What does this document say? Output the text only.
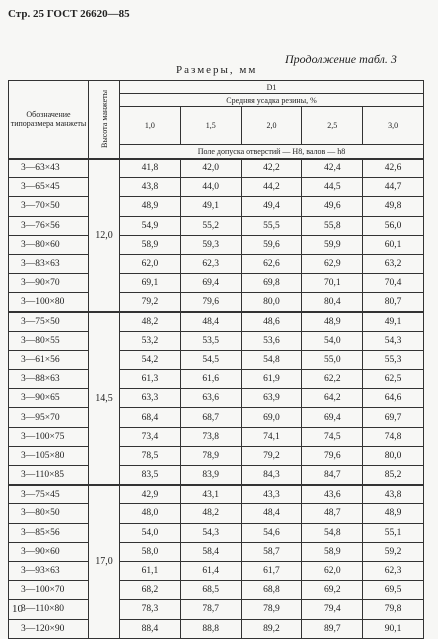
Стр. 25 ГОСТ 26620—85
Продолжение табл. 3
Размеры, мм
Обозначение типоразмера манжеты	Высота манжеты	D1				
		Средняя усадка резины, %				
		1,0	1,5	2,0	2,5	3,0
		Поле допуска отверстий — H8, валов — h8				
3—63×43	12,0	41,8	42,0	42,2	42,4	42,6
3—65×45		43,8	44,0	44,2	44,5	44,7
3—70×50		48,9	49,1	49,4	49,6	49,8
3—76×56		54,9	55,2	55,5	55,8	56,0
3—80×60		58,9	59,3	59,6	59,9	60,1
3—83×63		62,0	62,3	62,6	62,9	63,2
3—90×70		69,1	69,4	69,8	70,1	70,4
3—100×80		79,2	79,6	80,0	80,4	80,7
3—75×50	14,5	48,2	48,4	48,6	48,9	49,1
3—80×55		53,2	53,5	53,6	54,0	54,3
3—61×56		54,2	54,5	54,8	55,0	55,3
3—88×63		61,3	61,6	61,9	62,2	62,5
3—90×65		63,3	63,6	63,9	64,2	64,6
3—95×70		68,4	68,7	69,0	69,4	69,7
3—100×75		73,4	73,8	74,1	74,5	74,8
3—105×80		78,5	78,9	79,2	79,6	80,0
3—110×85		83,5	83,9	84,3	84,7	85,2
3—75×45	17,0	42,9	43,1	43,3	43,6	43,8
3—80×50		48,0	48,2	48,4	48,7	48,9
3—85×56		54,0	54,3	54,6	54,8	55,1
3—90×60		58,0	58,4	58,7	58,9	59,2
3—93×63		61,1	61,4	61,7	62,0	62,3
3—100×70		68,2	68,5	68,8	69,2	69,5
3—110×80		78,3	78,7	78,9	79,4	79,8
3—120×90		88,4	88,8	89,2	89,7	90,1
10
